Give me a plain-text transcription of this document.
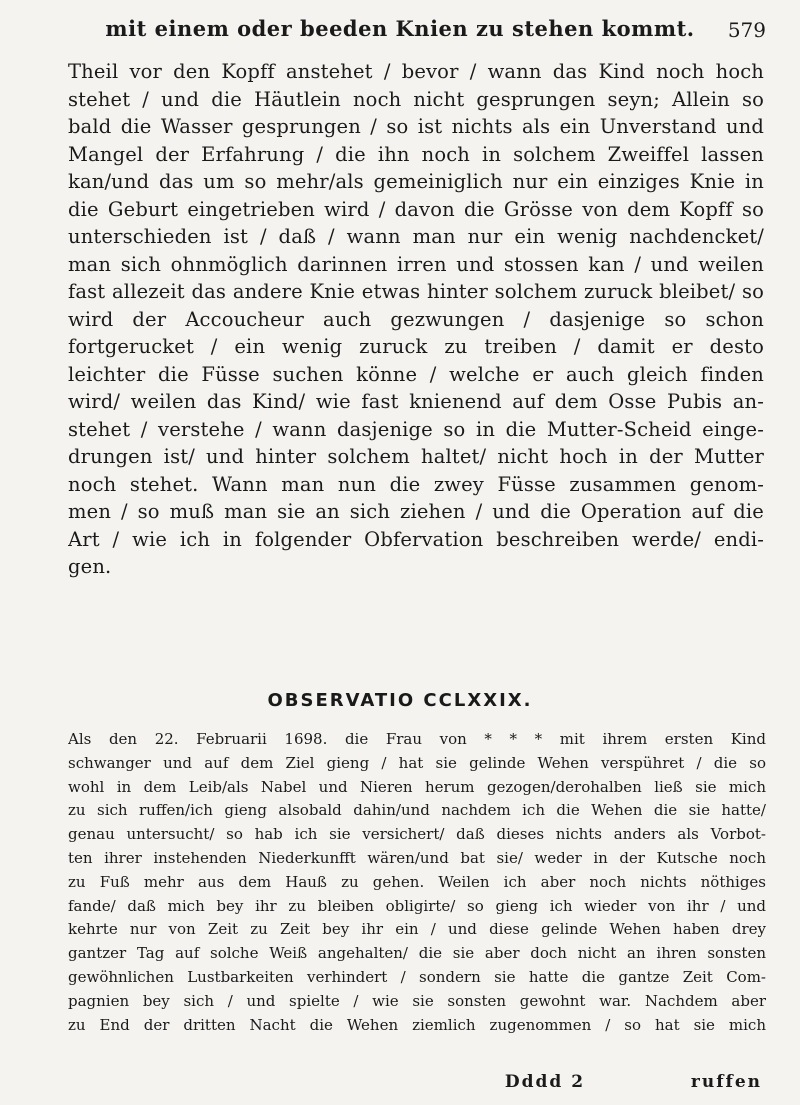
mit einem oder beeden Knien zu stehen kommt.	579
Theil vor den Kopff anstehet / bevor / wann das Kind noch hoch
stehet / und die Häutlein noch nicht gesprungen seyn; Allein so
bald die Wasser gesprungen / so ist nichts als ein Unverstand und
Mangel der Erfahrung / die ihn noch in solchem Zweiffel lassen
kan/und das um so mehr/als gemeiniglich nur ein einziges Knie in
die Geburt eingetrieben wird / davon die Grösse von dem Kopff so
unterschieden ist / daß / wann man nur ein wenig nachdencket/
man sich ohnmöglich darinnen irren und stossen kan / und weilen
fast allezeit das andere Knie etwas hinter solchem zuruck bleibet/ so
wird der Accoucheur auch gezwungen / dasjenige so schon
fortgerucket / ein wenig zuruck zu treiben / damit er desto
leichter die Füsse suchen könne / welche er auch gleich finden
wird/ weilen das Kind/ wie fast knienend auf dem Osse Pubis an-
stehet / verstehe / wann dasjenige so in die Mutter-Scheid einge-
drungen ist/ und hinter solchem haltet/ nicht hoch in der Mutter
noch stehet. Wann man nun die zwey Füsse zusammen genom-
men / so muß man sie an sich ziehen / und die Operation auf die
Art / wie ich in folgender Obfervation beschreiben werde/ endi-
gen.
OBSERVATIO CCLXXIX.
Als den 22. Februarii 1698. die Frau von * * * mit ihrem ersten Kind
schwanger und auf dem Ziel gieng / hat sie gelinde Wehen verspühret / die so
wohl in dem Leib/als Nabel und Nieren herum gezogen/derohalben ließ sie mich
zu sich ruffen/ich gieng alsobald dahin/und nachdem ich die Wehen die sie hatte/
genau untersucht/ so hab ich sie versichert/ daß dieses nichts anders als Vorbot-
ten ihrer instehenden Niederkunfft wären/und bat sie/ weder in der Kutsche noch
zu Fuß mehr aus dem Hauß zu gehen. Weilen ich aber noch nichts nöthiges
fande/ daß mich bey ihr zu bleiben obligirte/ so gieng ich wieder von ihr / und
kehrte nur von Zeit zu Zeit bey ihr ein / und diese gelinde Wehen haben drey
gantzer Tag auf solche Weiß angehalten/ die sie aber doch nicht an ihren sonsten
gewöhnlichen Lustbarkeiten verhindert / sondern sie hatte die gantze Zeit Com-
pagnien bey sich / und spielte / wie sie sonsten gewohnt war. Nachdem aber
zu End der dritten Nacht die Wehen ziemlich zugenommen / so hat sie mich
Dddd 2	ruffen
